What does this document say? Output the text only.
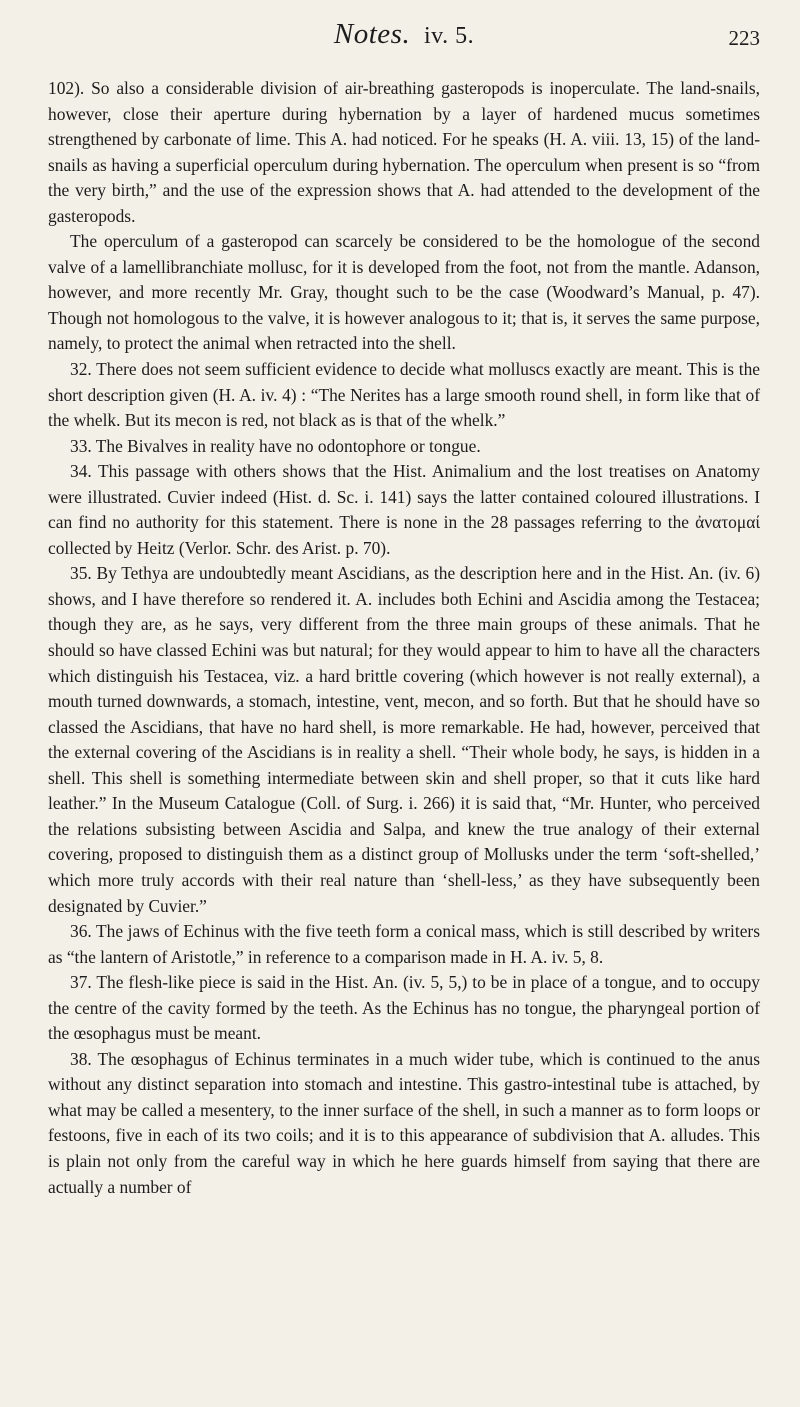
Notes. iv. 5.	223

102). So also a considerable division of air-breathing gasteropods is inoperculate. The land-snails, however, close their aperture during hybernation by a layer of hardened mucus sometimes strengthened by carbonate of lime. This A. had noticed. For he speaks (H. A. viii. 13, 15) of the land-snails as having a superficial operculum during hybernation. The operculum when present is so “from the very birth,” and the use of the expression shows that A. had attended to the development of the gasteropods.

The operculum of a gasteropod can scarcely be considered to be the homologue of the second valve of a lamellibranchiate mollusc, for it is developed from the foot, not from the mantle. Adanson, however, and more recently Mr. Gray, thought such to be the case (Woodward’s Manual, p. 47). Though not homologous to the valve, it is however analogous to it; that is, it serves the same purpose, namely, to protect the animal when retracted into the shell.

32. There does not seem sufficient evidence to decide what molluscs exactly are meant. This is the short description given (H. A. iv. 4) : “The Nerites has a large smooth round shell, in form like that of the whelk. But its mecon is red, not black as is that of the whelk.”

33. The Bivalves in reality have no odontophore or tongue.

34. This passage with others shows that the Hist. Animalium and the lost treatises on Anatomy were illustrated. Cuvier indeed (Hist. d. Sc. i. 141) says the latter contained coloured illustrations. I can find no authority for this statement. There is none in the 28 passages referring to the ἀνατομαί collected by Heitz (Verlor. Schr. des Arist. p. 70).

35. By Tethya are undoubtedly meant Ascidians, as the description here and in the Hist. An. (iv. 6) shows, and I have therefore so rendered it. A. includes both Echini and Ascidia among the Testacea; though they are, as he says, very different from the three main groups of these animals. That he should so have classed Echini was but natural; for they would appear to him to have all the characters which distinguish his Testacea, viz. a hard brittle covering (which however is not really external), a mouth turned downwards, a stomach, intestine, vent, mecon, and so forth. But that he should have so classed the Ascidians, that have no hard shell, is more remarkable. He had, however, perceived that the external covering of the Ascidians is in reality a shell. “Their whole body, he says, is hidden in a shell. This shell is something intermediate between skin and shell proper, so that it cuts like hard leather.” In the Museum Catalogue (Coll. of Surg. i. 266) it is said that, “Mr. Hunter, who perceived the relations subsisting between Ascidia and Salpa, and knew the true analogy of their external covering, proposed to distinguish them as a distinct group of Mollusks under the term ‘soft-shelled,’ which more truly accords with their real nature than ‘shell-less,’ as they have subsequently been designated by Cuvier.”

36. The jaws of Echinus with the five teeth form a conical mass, which is still described by writers as “the lantern of Aristotle,” in reference to a comparison made in H. A. iv. 5, 8.

37. The flesh-like piece is said in the Hist. An. (iv. 5, 5,) to be in place of a tongue, and to occupy the centre of the cavity formed by the teeth. As the Echinus has no tongue, the pharyngeal portion of the œsophagus must be meant.

38. The œsophagus of Echinus terminates in a much wider tube, which is continued to the anus without any distinct separation into stomach and intestine. This gastro-intestinal tube is attached, by what may be called a mesentery, to the inner surface of the shell, in such a manner as to form loops or festoons, five in each of its two coils; and it is to this appearance of subdivision that A. alludes. This is plain not only from the careful way in which he here guards himself from saying that there are actually a number of
